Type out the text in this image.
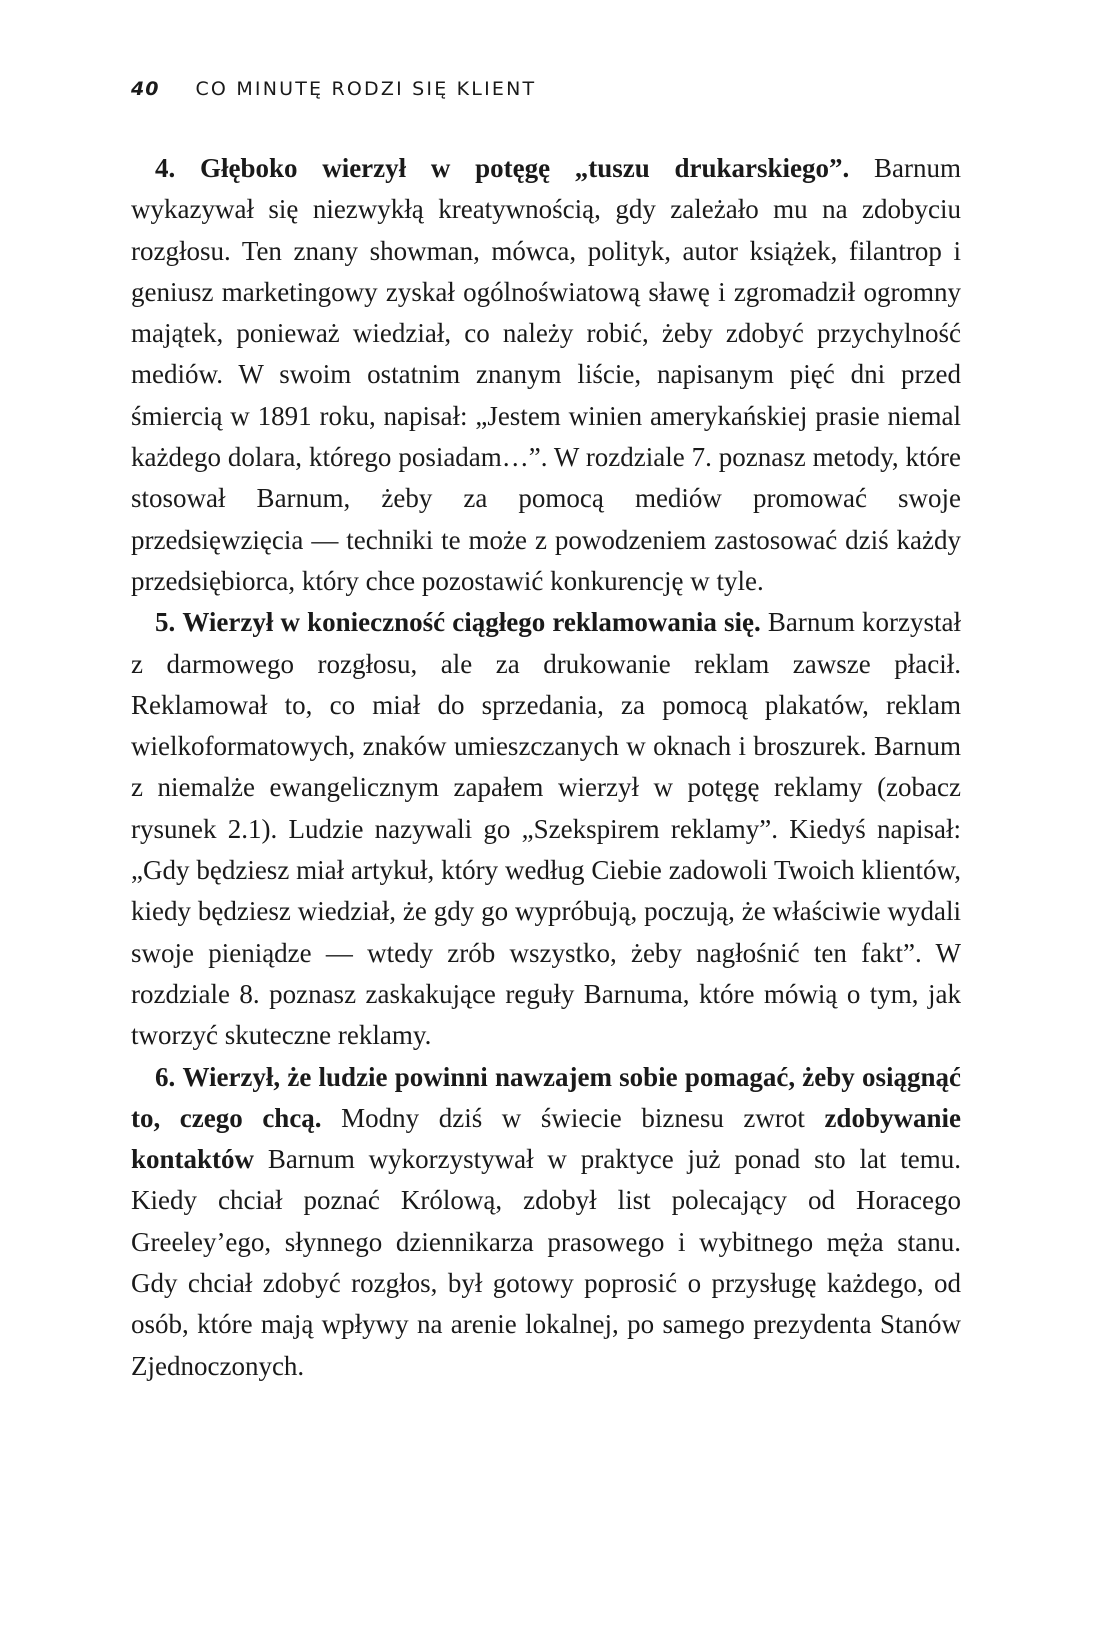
40 CO MINUTĘ RODZI SIĘ KLIENT

4. Głęboko wierzył w potęgę „tuszu drukarskiego”. Barnum wykazywał się niezwykłą kreatywnością, gdy zależało mu na zdobyciu rozgłosu. Ten znany showman, mówca, polityk, autor książek, filantrop i geniusz marketingowy zyskał ogólnoświatową sławę i zgromadził ogromny majątek, ponieważ wiedział, co należy robić, żeby zdobyć przychylność mediów. W swoim ostatnim znanym liście, napisanym pięć dni przed śmiercią w 1891 roku, napisał: „Jestem winien amerykańskiej prasie niemal każdego dolara, którego posiadam…”. W rozdziale 7. poznasz metody, które stosował Barnum, żeby za pomocą mediów promować swoje przedsięwzięcia — techniki te może z powodzeniem zastosować dziś każdy przedsiębiorca, który chce pozostawić konkurencję w tyle.

5. Wierzył w konieczność ciągłego reklamowania się. Barnum korzystał z darmowego rozgłosu, ale za drukowanie reklam zawsze płacił. Reklamował to, co miał do sprzedania, za pomocą plakatów, reklam wielkoformatowych, znaków umieszczanych w oknach i broszurek. Barnum z niemalże ewangelicznym zapałem wierzył w potęgę reklamy (zobacz rysunek 2.1). Ludzie nazywali go „Szekspirem reklamy”. Kiedyś napisał: „Gdy będziesz miał artykuł, który według Ciebie zadowoli Twoich klientów, kiedy będziesz wiedział, że gdy go wypróbują, poczują, że właściwie wydali swoje pieniądze — wtedy zrób wszystko, żeby nagłośnić ten fakt”. W rozdziale 8. poznasz zaskakujące reguły Barnuma, które mówią o tym, jak tworzyć skuteczne reklamy.

6. Wierzył, że ludzie powinni nawzajem sobie pomagać, żeby osiągnąć to, czego chcą. Modny dziś w świecie biznesu zwrot zdobywanie kontaktów Barnum wykorzystywał w praktyce już ponad sto lat temu. Kiedy chciał poznać Królową, zdobył list polecający od Horacego Greeley’ego, słynnego dziennikarza prasowego i wybitnego męża stanu. Gdy chciał zdobyć rozgłos, był gotowy poprosić o przysługę każdego, od osób, które mają wpływy na arenie lokalnej, po samego prezydenta Stanów Zjednoczonych.
